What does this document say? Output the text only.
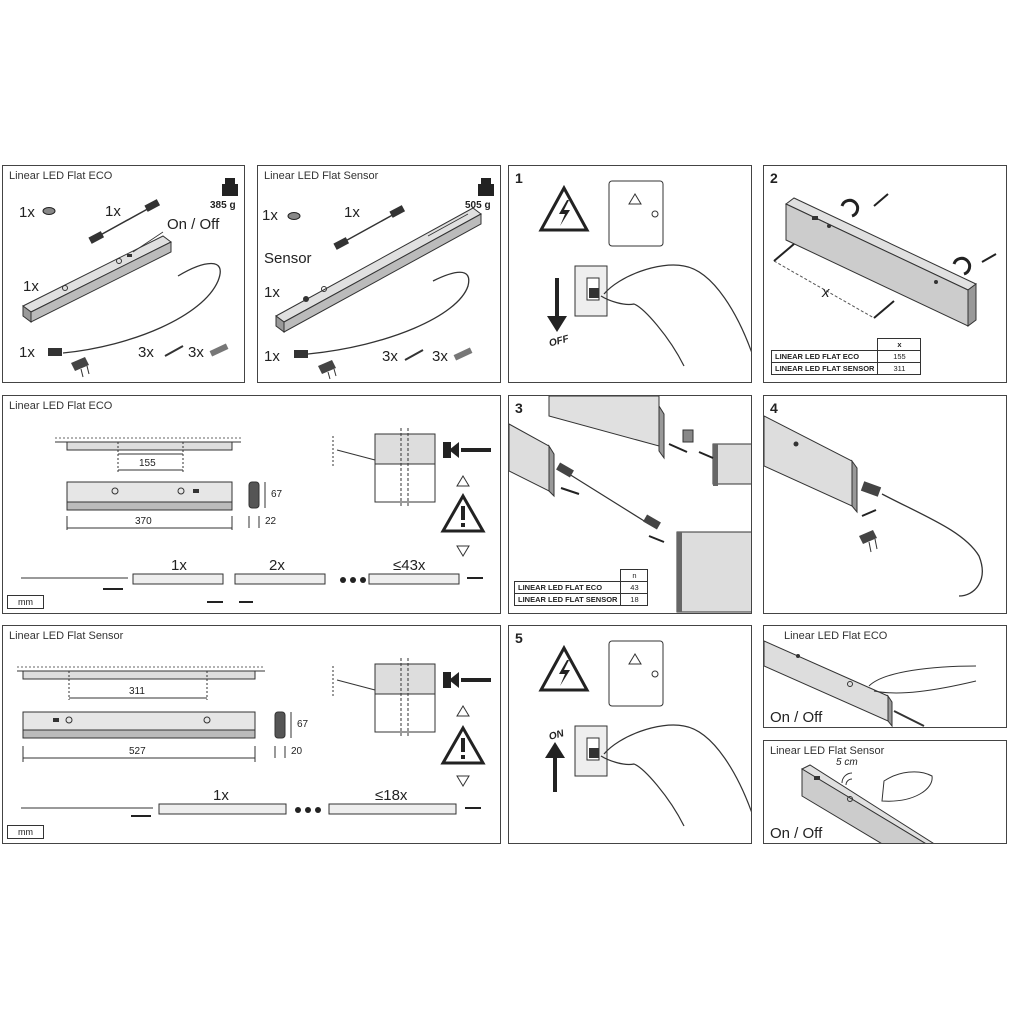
Linear LED Flat ECO
385 g
1x	1x
On / Off
1x
1x	3x 3x
Linear LED Flat Sensor
505 g
1x	1x
Sensor
1x
1x	3x 3x
1
OFF
2
x
	x
LINEAR LED FLAT ECO	155
LINEAR LED FLAT SENSOR	311
Linear LED Flat ECO
155
370
67
22
1x	2x	≤43x
mm
3
	n
LINEAR LED FLAT ECO	43
LINEAR LED FLAT SENSOR	18
4
Linear LED Flat Sensor
311
527
67
20
1x	≤18x
mm
5
ON
Linear LED Flat ECO
On / Off
Linear LED Flat Sensor
5 cm
On / Off
